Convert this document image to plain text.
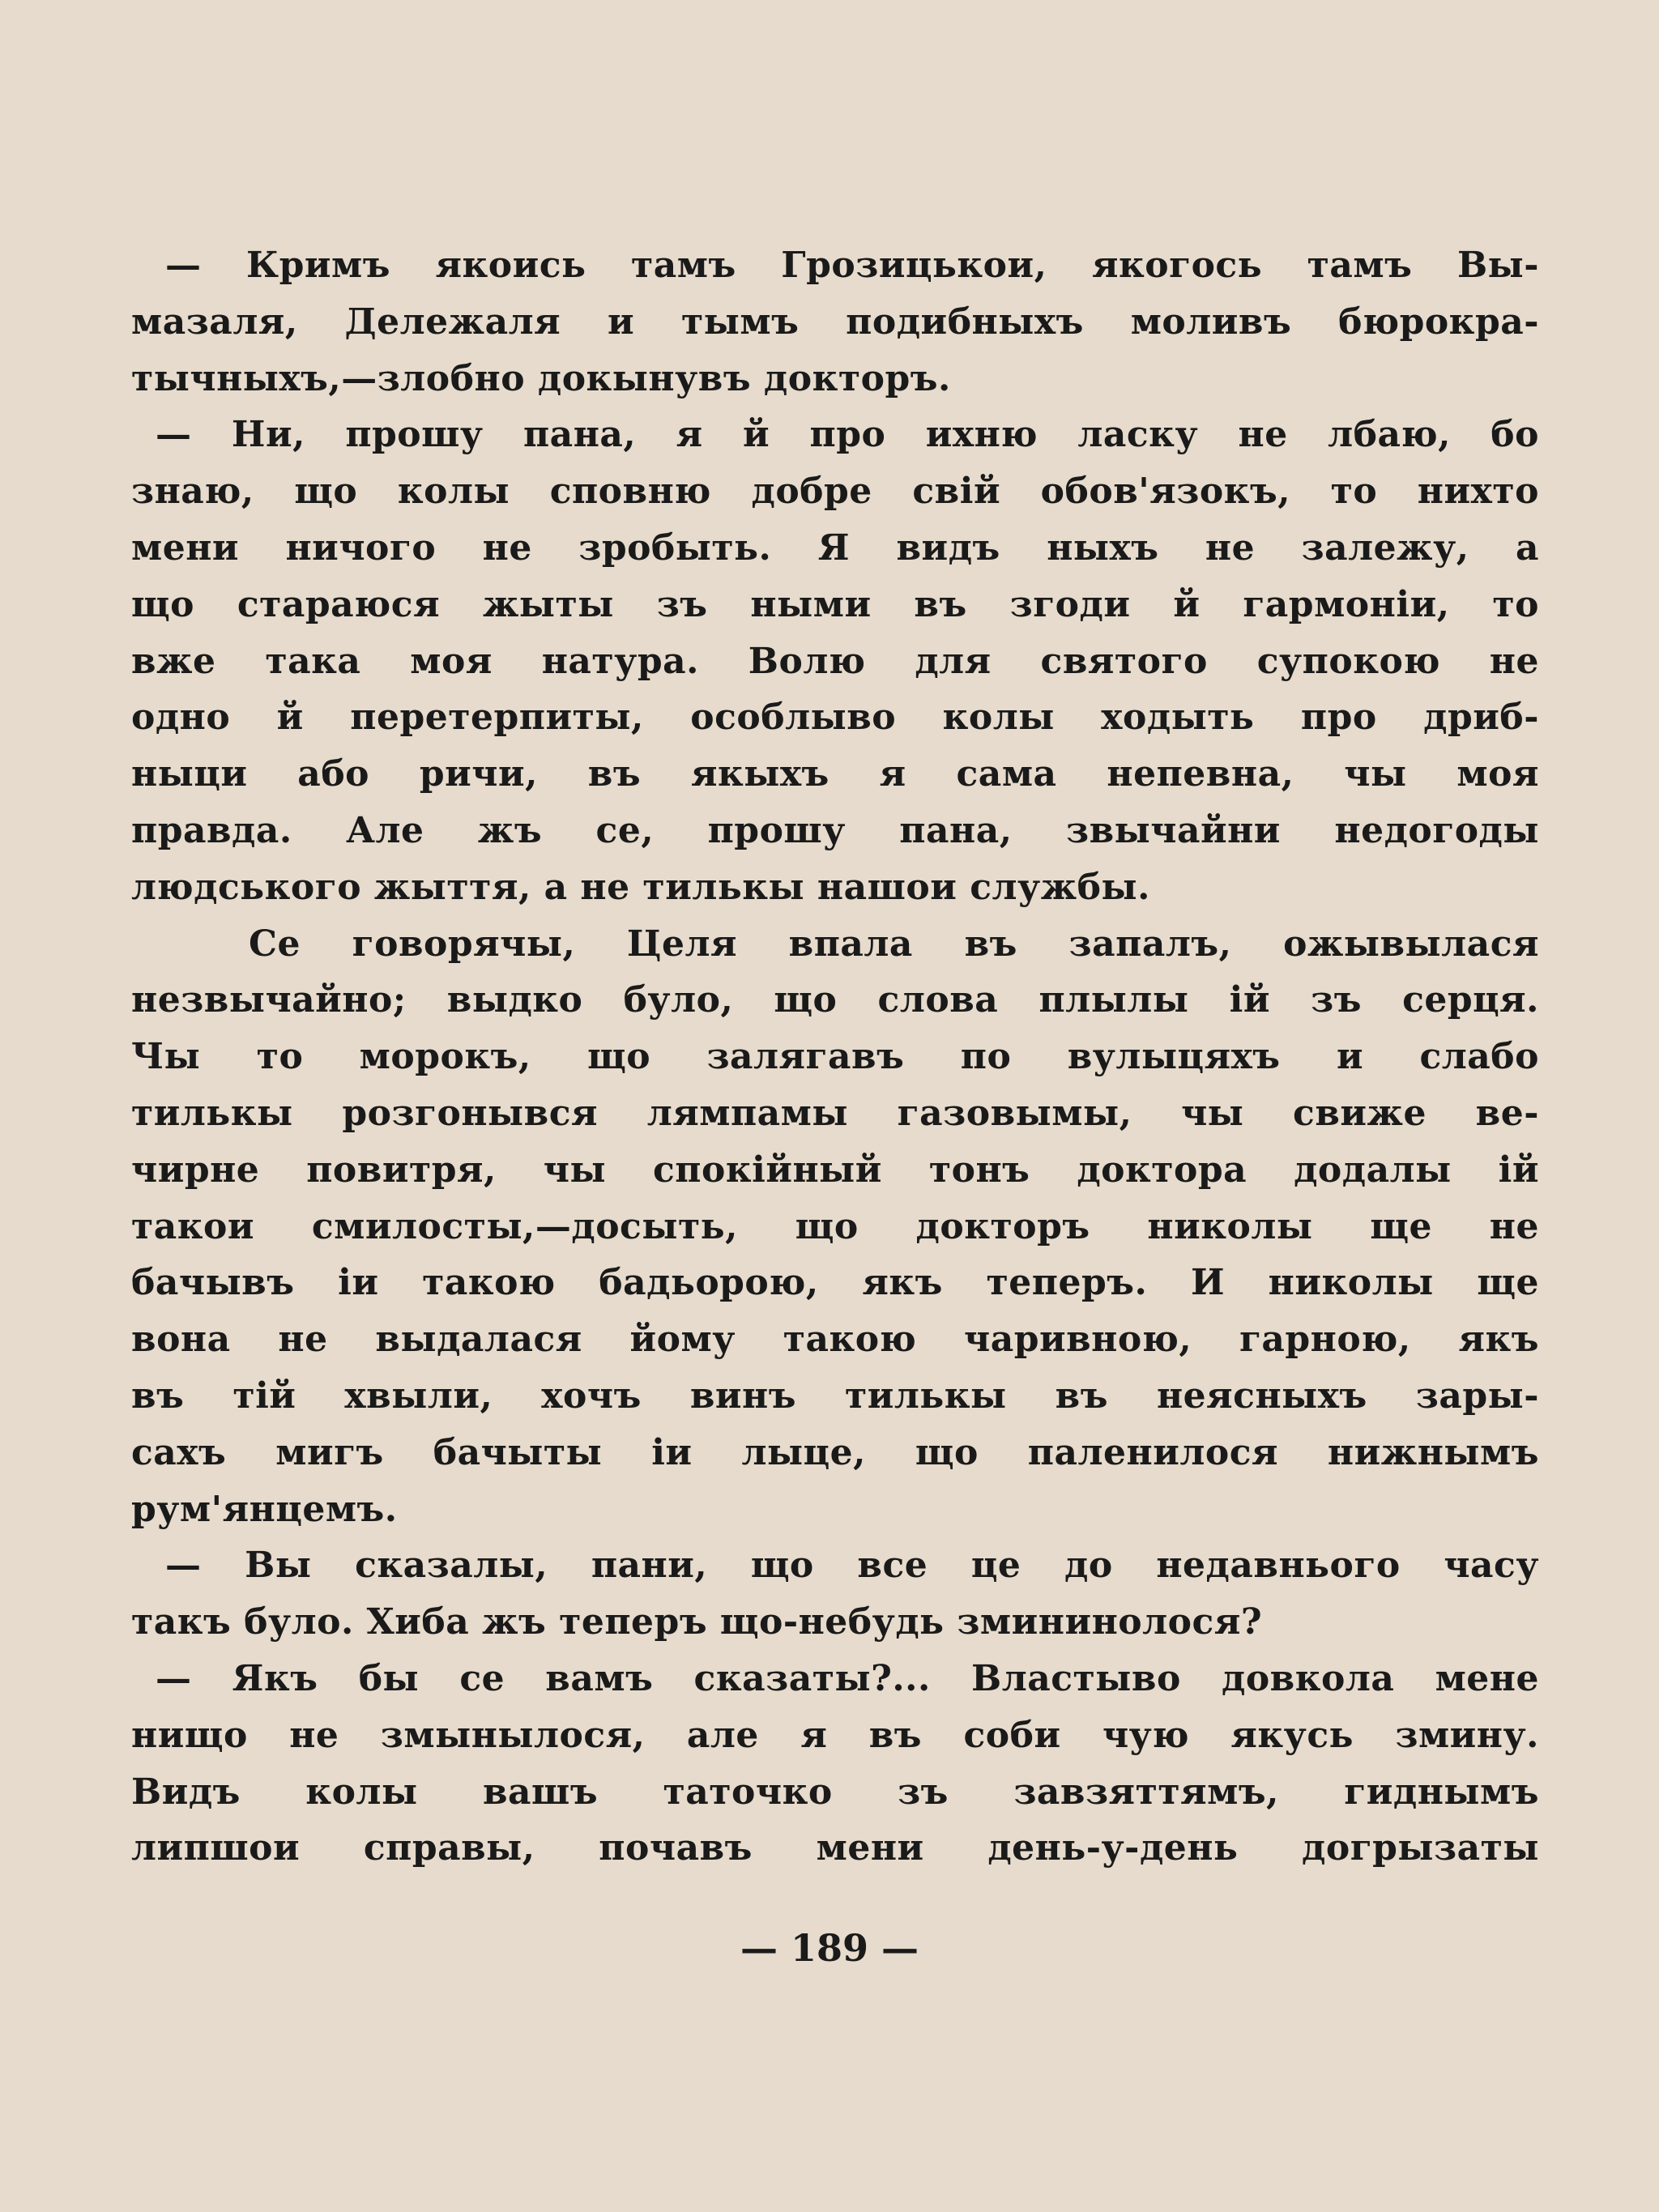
— Кримъ якоись тамъ Грозицькои, якогось тамъ Вы-
мазаля, Дележаля и тымъ подибныхъ моливъ бюрокра-
тычныхъ,—злобно докынувъ докторъ.
— Ни, прошу пана, я й про ихню ласку не лбаю, бо
знаю, що колы сповню добре свій обов'язокъ, то нихто
мени ничого не зробыть. Я видъ ныхъ не залежу, а
що стараюся жыты зъ ными въ згоди й гармоніи, то
вже така моя натура. Волю для святого супокою не
одно й перетерпиты, особлыво колы ходыть про дриб-
ныци або ричи, въ якыхъ я сама непевна, чы моя
правда. Але жъ се, прошу пана, звычайни недогоды
людського жыття, а не тилькы нашои службы.
Се говорячы, Целя впала въ запалъ, ожывылася
незвычайно; выдко було, що слова плылы ій зъ серця.
Чы то морокъ, що залягавъ по вулыцяхъ и слабо
тилькы розгонывся лямпамы газовымы, чы свиже ве-
чирне повитря, чы спокійный тонъ доктора додалы ій
такои смилосты,—досыть, що докторъ николы ще не
бачывъ іи такою бадьорою, якъ теперъ. И николы ще
вона не выдалася йому такою чаривною, гарною, якъ
въ тій хвыли, хочъ винъ тилькы въ неясныхъ зары-
сахъ мигъ бачыты іи лыце, що паленилося нижнымъ
рум'янцемъ.
— Вы сказалы, пани, що все це до недавнього часу
такъ було. Хиба жъ теперъ що-небудь змининолося?
— Якъ бы се вамъ сказаты?... Властыво довкола мене
нищо не змынылося, але я въ соби чую якусь змину.
Видъ колы вашъ таточко зъ завзяттямъ, гиднымъ
липшои справы, почавъ мени день-у-день догрызаты
— 189 —
